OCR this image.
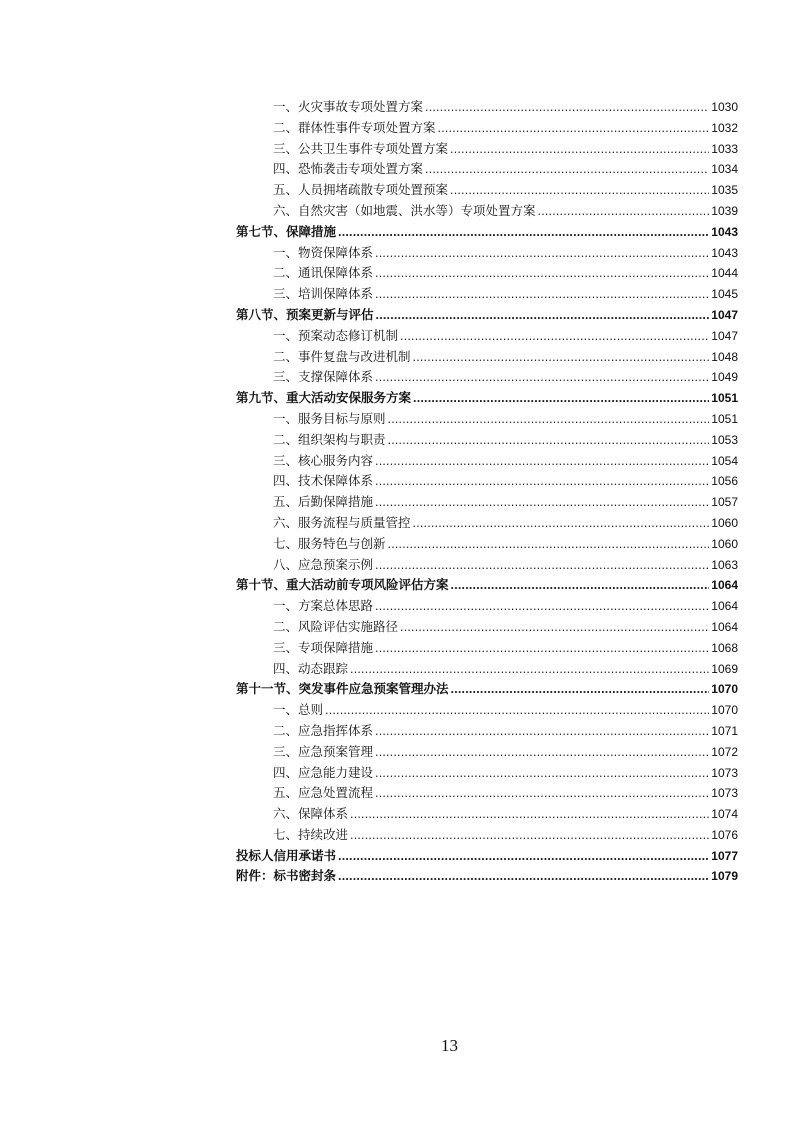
一、火灾事故专项处置方案 .....	1030
二、群体性事件专项处置方案 .....	1032
三、公共卫生事件专项处置方案 .....	1033
四、恐怖袭击专项处置方案 .....	1034
五、人员拥堵疏散专项处置预案 .....	1035
六、自然灾害（如地震、洪水等）专项处置方案 .....	1039
第七节、保障措施 .....	1043
一、物资保障体系 .....	1043
二、通讯保障体系 .....	1044
三、培训保障体系 .....	1045
第八节、预案更新与评估 .....	1047
一、预案动态修订机制 .....	1047
二、事件复盘与改进机制 .....	1048
三、支撑保障体系 .....	1049
第九节、重大活动安保服务方案 .....	1051
一、服务目标与原则 .....	1051
二、组织架构与职责 .....	1053
三、核心服务内容 .....	1054
四、技术保障体系 .....	1056
五、后勤保障措施 .....	1057
六、服务流程与质量管控 .....	1060
七、服务特色与创新 .....	1060
八、应急预案示例 .....	1063
第十节、重大活动前专项风险评估方案 .....	1064
一、方案总体思路 .....	1064
二、风险评估实施路径 .....	1064
三、专项保障措施 .....	1068
四、动态跟踪 .....	1069
第十一节、突发事件应急预案管理办法 .....	1070
一、总则 .....	1070
二、应急指挥体系 .....	1071
三、应急预案管理 .....	1072
四、应急能力建设 .....	1073
五、应急处置流程 .....	1073
六、保障体系 .....	1074
七、持续改进 .....	1076
投标人信用承诺书 .....	1077
附件：标书密封条 .....	1079
13
